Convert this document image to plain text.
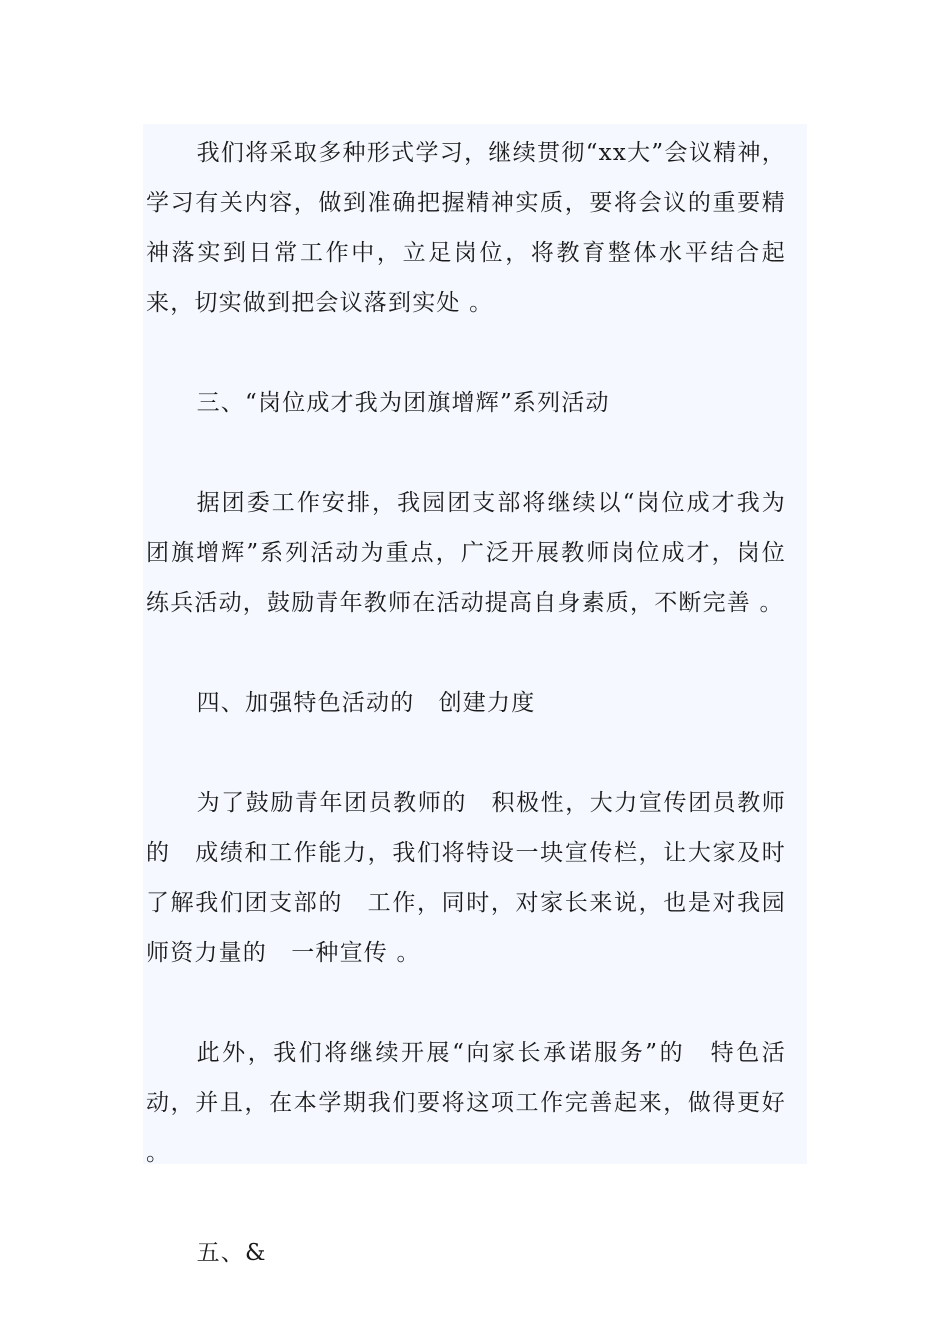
我们将采取多种形式学习，继续贯彻“xx大”会议精神，学习有关内容，做到准确把握精神实质，要将会议的重要精神落实到日常工作中，立足岗位，将教育整体水平结合起来，切实做到把会议落到实处 。

三、“岗位成才我为团旗增辉”系列活动

据团委工作安排，我园团支部将继续以“岗位成才我为团旗增辉”系列活动为重点，广泛开展教师岗位成才，岗位练兵活动，鼓励青年教师在活动提高自身素质，不断完善 。

四、加强特色活动的　创建力度

为了鼓励青年团员教师的　积极性，大力宣传团员教师的　成绩和工作能力，我们将特设一块宣传栏，让大家及时了解我们团支部的　工作，同时，对家长来说，也是对我园师资力量的　一种宣传 。

此外，我们将继续开展“向家长承诺服务”的　特色活动，并且，在本学期我们要将这项工作完善起来，做得更好 。

五、&
